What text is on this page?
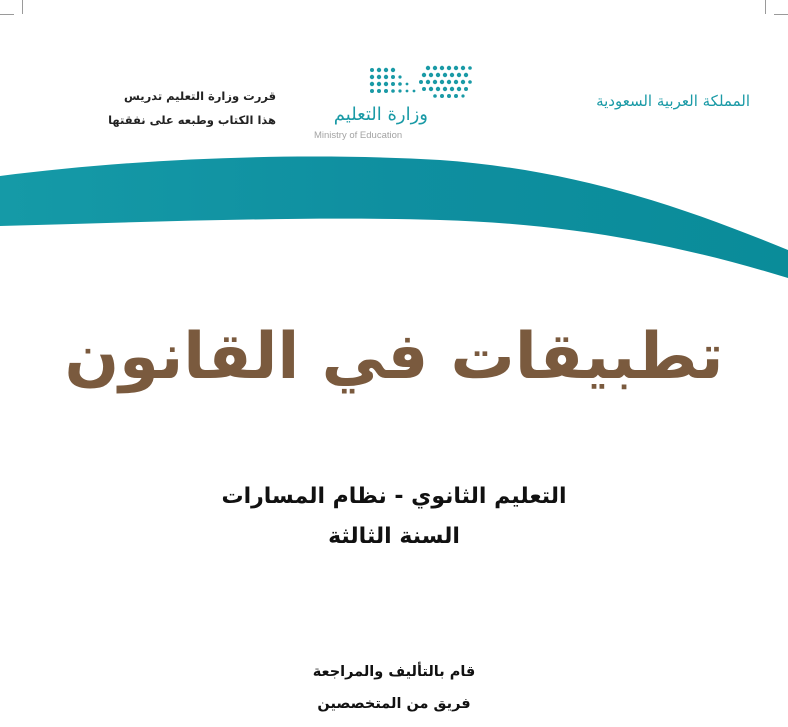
المملكة العربية السعودية
وزارة التعليم
Ministry of Education
قررت وزارة التعليم تدريس
هذا الكتاب وطبعه على نفقتها
تطبيقات في القانون
التعليم الثانوي - نظام المسارات
السنة الثالثة
قام بالتأليف والمراجعة
فريق من المتخصصين
